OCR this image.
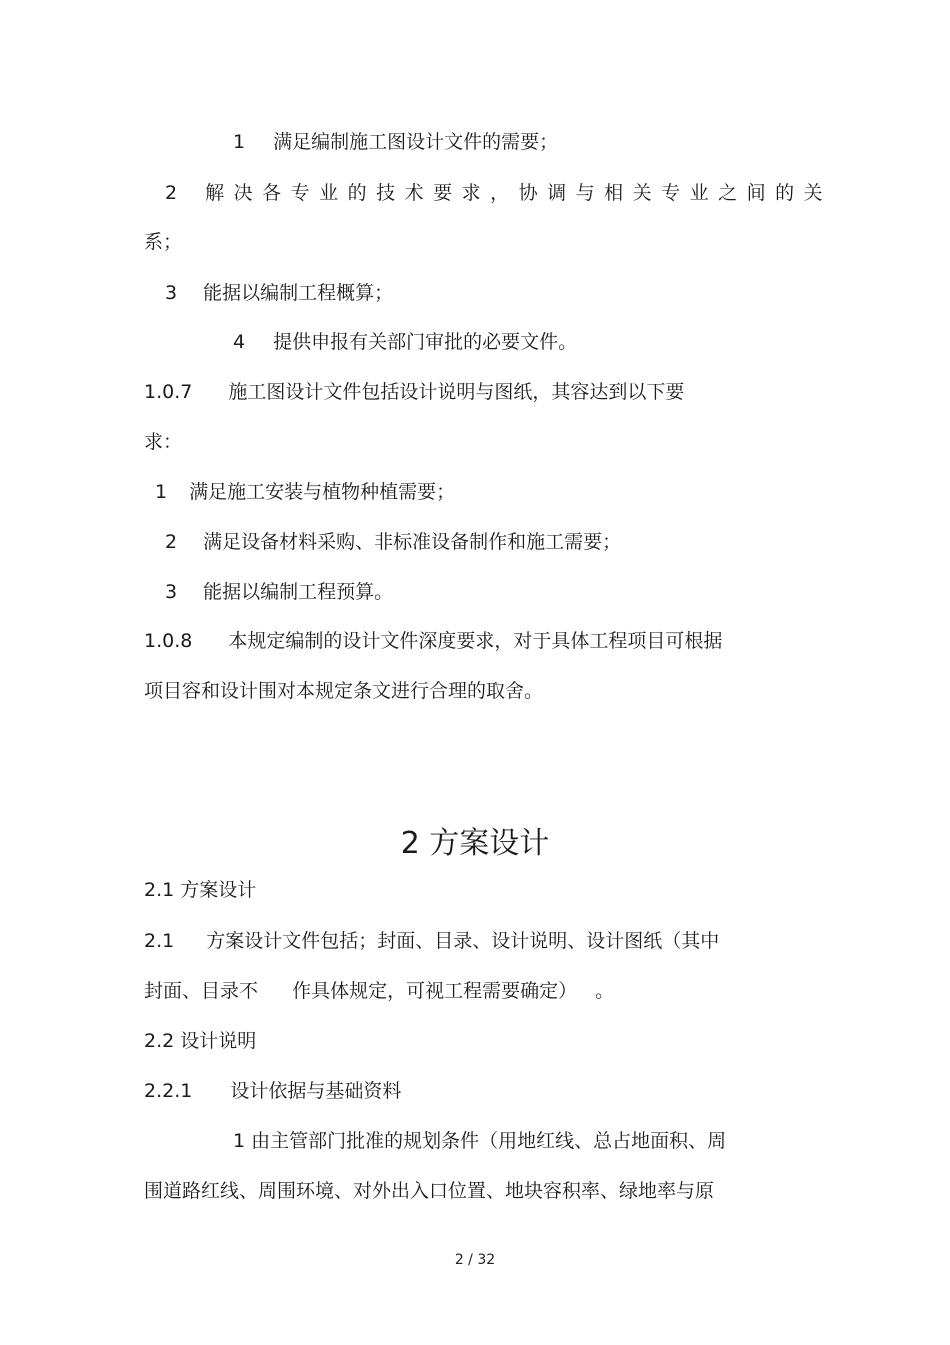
1 满足编制施工图设计文件的需要；
2 解决各专业的技术要求，协调与相关专业之间的关
系；
3 能据以编制工程概算；
4 提供申报有关部门审批的必要文件。
1.0.7 施工图设计文件包括设计说明与图纸，其容达到以下要
求：
1 满足施工安装与植物种植需要；
2 满足设备材料采购、非标准设备制作和施工需要；
3 能据以编制工程预算。
1.0.8 本规定编制的设计文件深度要求，对于具体工程项目可根据
项目容和设计围对本规定条文进行合理的取舍。
2 方案设计
2.1 方案设计
2.1 方案设计文件包括；封面、目录、设计说明、设计图纸（其中
封面、目录不 作具体规定，可视工程需要确定） 。
2.2 设计说明
2.2.1 设计依据与基础资料
1 由主管部门批准的规划条件（用地红线、总占地面积、周
围道路红线、周围环境、对外出入口位置、地块容积率、绿地率与原
2 / 32
